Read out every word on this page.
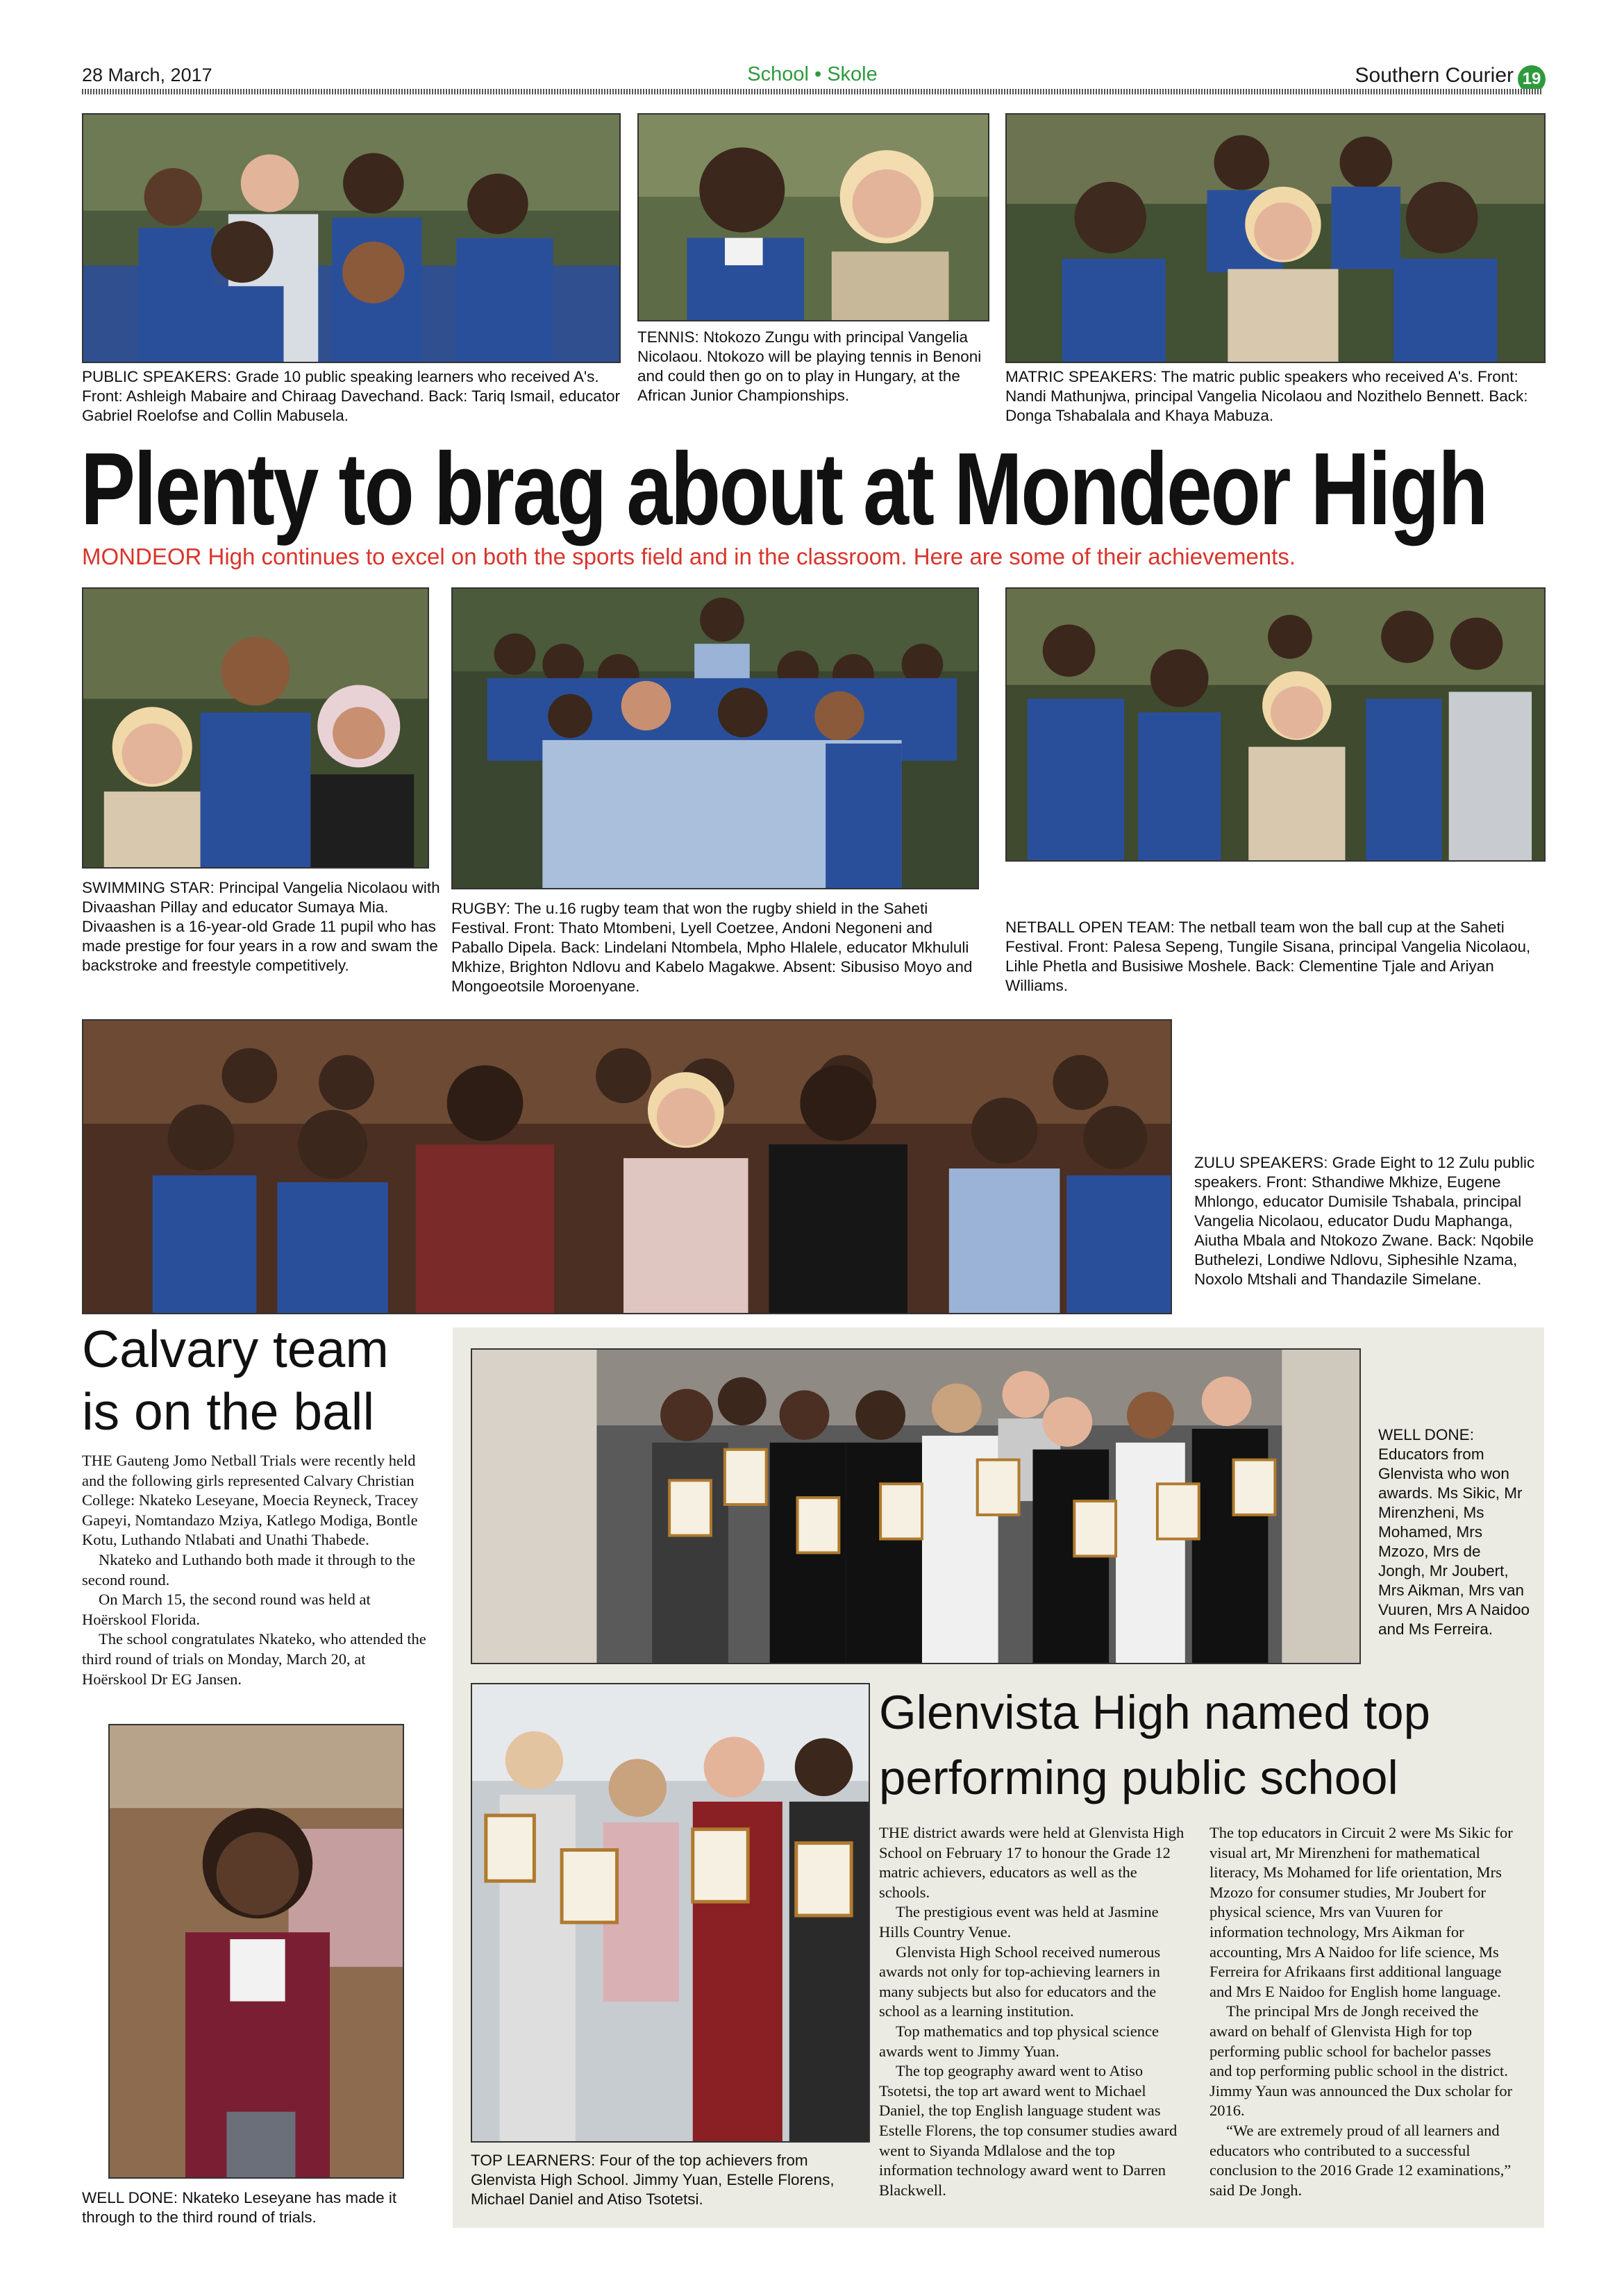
28 March, 2017	School • Skole	Southern Courier 19
PUBLIC SPEAKERS: Grade 10 public speaking learners who received A's. Front: Ashleigh Mabaire and Chiraag Davechand. Back: Tariq Ismail, educator Gabriel Roelofse and Collin Mabusela.
TENNIS: Ntokozo Zungu with principal Vangelia Nicolaou. Ntokozo will be playing tennis in Benoni and could then go on to play in Hungary, at the African Junior Championships.
MATRIC SPEAKERS: The matric public speakers who received A's. Front: Nandi Mathunjwa, principal Vangelia Nicolaou and Nozithelo Bennett. Back: Donga Tshabalala and Khaya Mabuza.
Plenty to brag about at Mondeor High
MONDEOR High continues to excel on both the sports field and in the classroom. Here are some of their achievements.
SWIMMING STAR: Principal Vangelia Nicolaou with Divaashan Pillay and educator Sumaya Mia. Divaashen is a 16-year-old Grade 11 pupil who has made prestige for four years in a row and swam the backstroke and freestyle competitively.
RUGBY: The u.16 rugby team that won the rugby shield in the Saheti Festival. Front: Thato Mtombeni, Lyell Coetzee, Andoni Negoneni and Paballo Dipela. Back: Lindelani Ntombela, Mpho Hlalele, educator Mkhululi Mkhize, Brighton Ndlovu and Kabelo Magakwe. Absent: Sibusiso Moyo and Mongoeotsile Moroenyane.
NETBALL OPEN TEAM: The netball team won the ball cup at the Saheti Festival. Front: Palesa Sepeng, Tungile Sisana, principal Vangelia Nicolaou, Lihle Phetla and Busisiwe Moshele. Back: Clementine Tjale and Ariyan Williams.
ZULU SPEAKERS: Grade Eight to 12 Zulu public speakers. Front: Sthandiwe Mkhize, Eugene Mhlongo, educator Dumisile Tshabala, principal Vangelia Nicolaou, educator Dudu Maphanga, Aiutha Mbala and Ntokozo Zwane. Back: Nqobile Buthelezi, Londiwe Ndlovu, Siphesihle Nzama, Noxolo Mtshali and Thandazile Simelane.
Calvary team is on the ball

THE Gauteng Jomo Netball Trials were recently held and the following girls represented Calvary Christian College: Nkateko Leseyane, Moecia Reyneck, Tracey Gapeyi, Nomtandazo Mziya, Katlego Modiga, Bontle Kotu, Luthando Ntlabati and Unathi Thabede.

Nkateko and Luthando both made it through to the second round.

On March 15, the second round was held at Hoërskool Florida.

The school congratulates Nkateko, who attended the third round of trials on Monday, March 20, at Hoërskool Dr EG Jansen.

WELL DONE: Nkateko Leseyane has made it through to the third round of trials.
WELL DONE: Educators from Glenvista who won awards. Ms Sikic, Mr Mirenzheni, Ms Mohamed, Mrs Mzozo, Mrs de Jongh, Mr Joubert, Mrs Aikman, Mrs van Vuuren, Mrs A Naidoo and Ms Ferreira.
TOP LEARNERS: Four of the top achievers from Glenvista High School. Jimmy Yuan, Estelle Florens, Michael Daniel and Atiso Tsotetsi.
Glenvista High named top performing public school

THE district awards were held at Glenvista High School on February 17 to honour the Grade 12 matric achievers, educators as well as the schools.

The prestigious event was held at Jasmine Hills Country Venue.

Glenvista High School received numerous awards not only for top-achieving learners in many subjects but also for educators and the school as a learning institution.

Top mathematics and top physical science awards went to Jimmy Yuan.

The top geography award went to Atiso Tsotetsi, the top art award went to Michael Daniel, the top English language student was Estelle Florens, the top consumer studies award went to Siyanda Mdlalose and the top information technology award went to Darren Blackwell.

The top educators in Circuit 2 were Ms Sikic for visual art, Mr Mirenzheni for mathematical literacy, Ms Mohamed for life orientation, Mrs Mzozo for consumer studies, Mr Joubert for physical science, Mrs van Vuuren for information technology, Mrs Aikman for accounting, Mrs A Naidoo for life science, Ms Ferreira for Afrikaans first additional language and Mrs E Naidoo for English home language.

The principal Mrs de Jongh received the award on behalf of Glenvista High for top performing public school for bachelor passes and top performing public school in the district. Jimmy Yaun was announced the Dux scholar for 2016.

“We are extremely proud of all learners and educators who contributed to a successful conclusion to the 2016 Grade 12 examinations,” said De Jongh.
